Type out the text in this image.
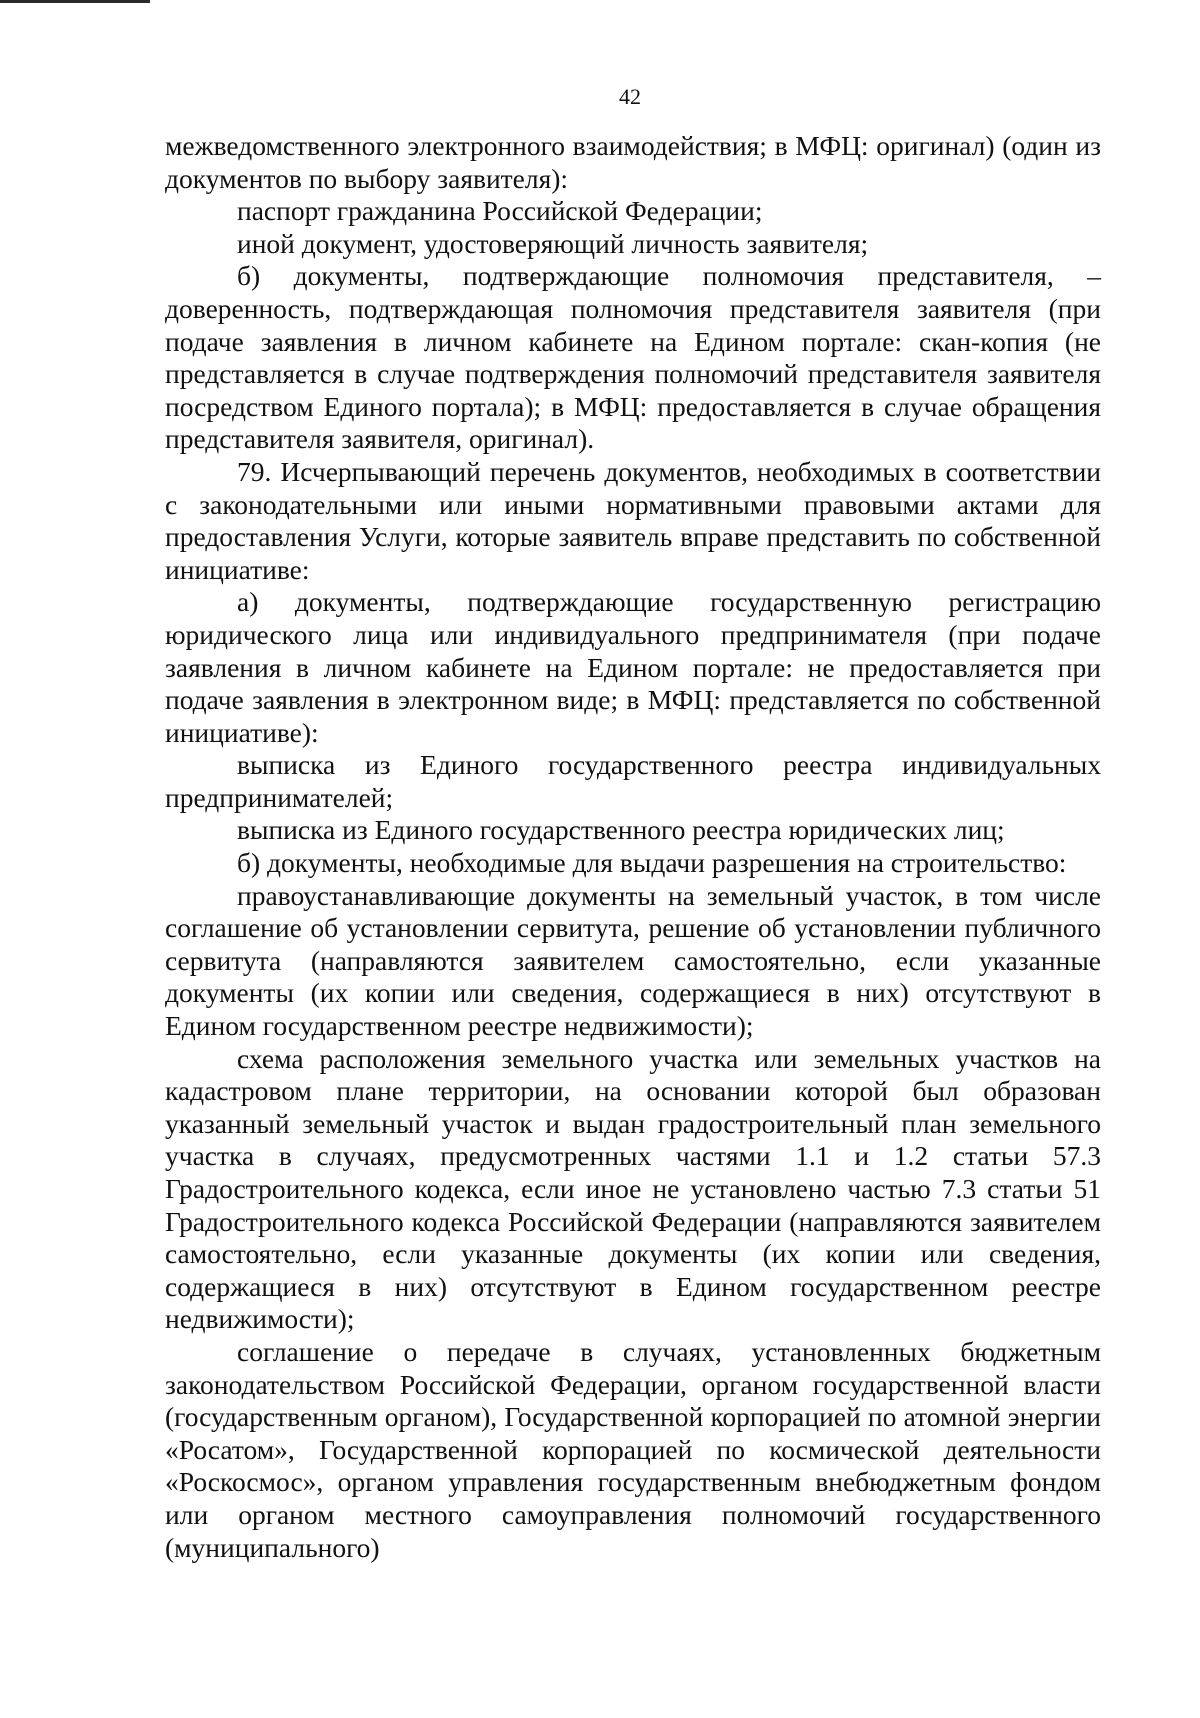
42

межведомственного электронного взаимодействия; в МФЦ: оригинал) (один из документов по выбору заявителя):

паспорт гражданина Российской Федерации;

иной документ, удостоверяющий личность заявителя;

б) документы, подтверждающие полномочия представителя, – доверенность, подтверждающая полномочия представителя заявителя (при подаче заявления в личном кабинете на Едином портале: скан-копия (не представляется в случае подтверждения полномочий представителя заявителя посредством Единого портала); в МФЦ: предоставляется в случае обращения представителя заявителя, оригинал).

79. Исчерпывающий перечень документов, необходимых в соответствии с законодательными или иными нормативными правовыми актами для предоставления Услуги, которые заявитель вправе представить по собственной инициативе:

а) документы, подтверждающие государственную регистрацию юридического лица или индивидуального предпринимателя (при подаче заявления в личном кабинете на Едином портале: не предоставляется при подаче заявления в электронном виде; в МФЦ: представляется по собственной инициативе):

выписка из Единого государственного реестра индивидуальных предпринимателей;

выписка из Единого государственного реестра юридических лиц;

б) документы, необходимые для выдачи разрешения на строительство:

правоустанавливающие документы на земельный участок, в том числе соглашение об установлении сервитута, решение об установлении публичного сервитута (направляются заявителем самостоятельно, если указанные документы (их копии или сведения, содержащиеся в них) отсутствуют в Едином государственном реестре недвижимости);

схема расположения земельного участка или земельных участков на кадастровом плане территории, на основании которой был образован указанный земельный участок и выдан градостроительный план земельного участка в случаях, предусмотренных частями 1.1 и 1.2 статьи 57.3 Градостроительного кодекса, если иное не установлено частью 7.3 статьи 51 Градостроительного кодекса Российской Федерации (направляются заявителем самостоятельно, если указанные документы (их копии или сведения, содержащиеся в них) отсутствуют в Едином государственном реестре недвижимости);

соглашение о передаче в случаях, установленных бюджетным законодательством Российской Федерации, органом государственной власти (государственным органом), Государственной корпорацией по атомной энергии «Росатом», Государственной корпорацией по космической деятельности «Роскосмос», органом управления государственным внебюджетным фондом или органом местного самоуправления полномочий государственного (муниципального)
